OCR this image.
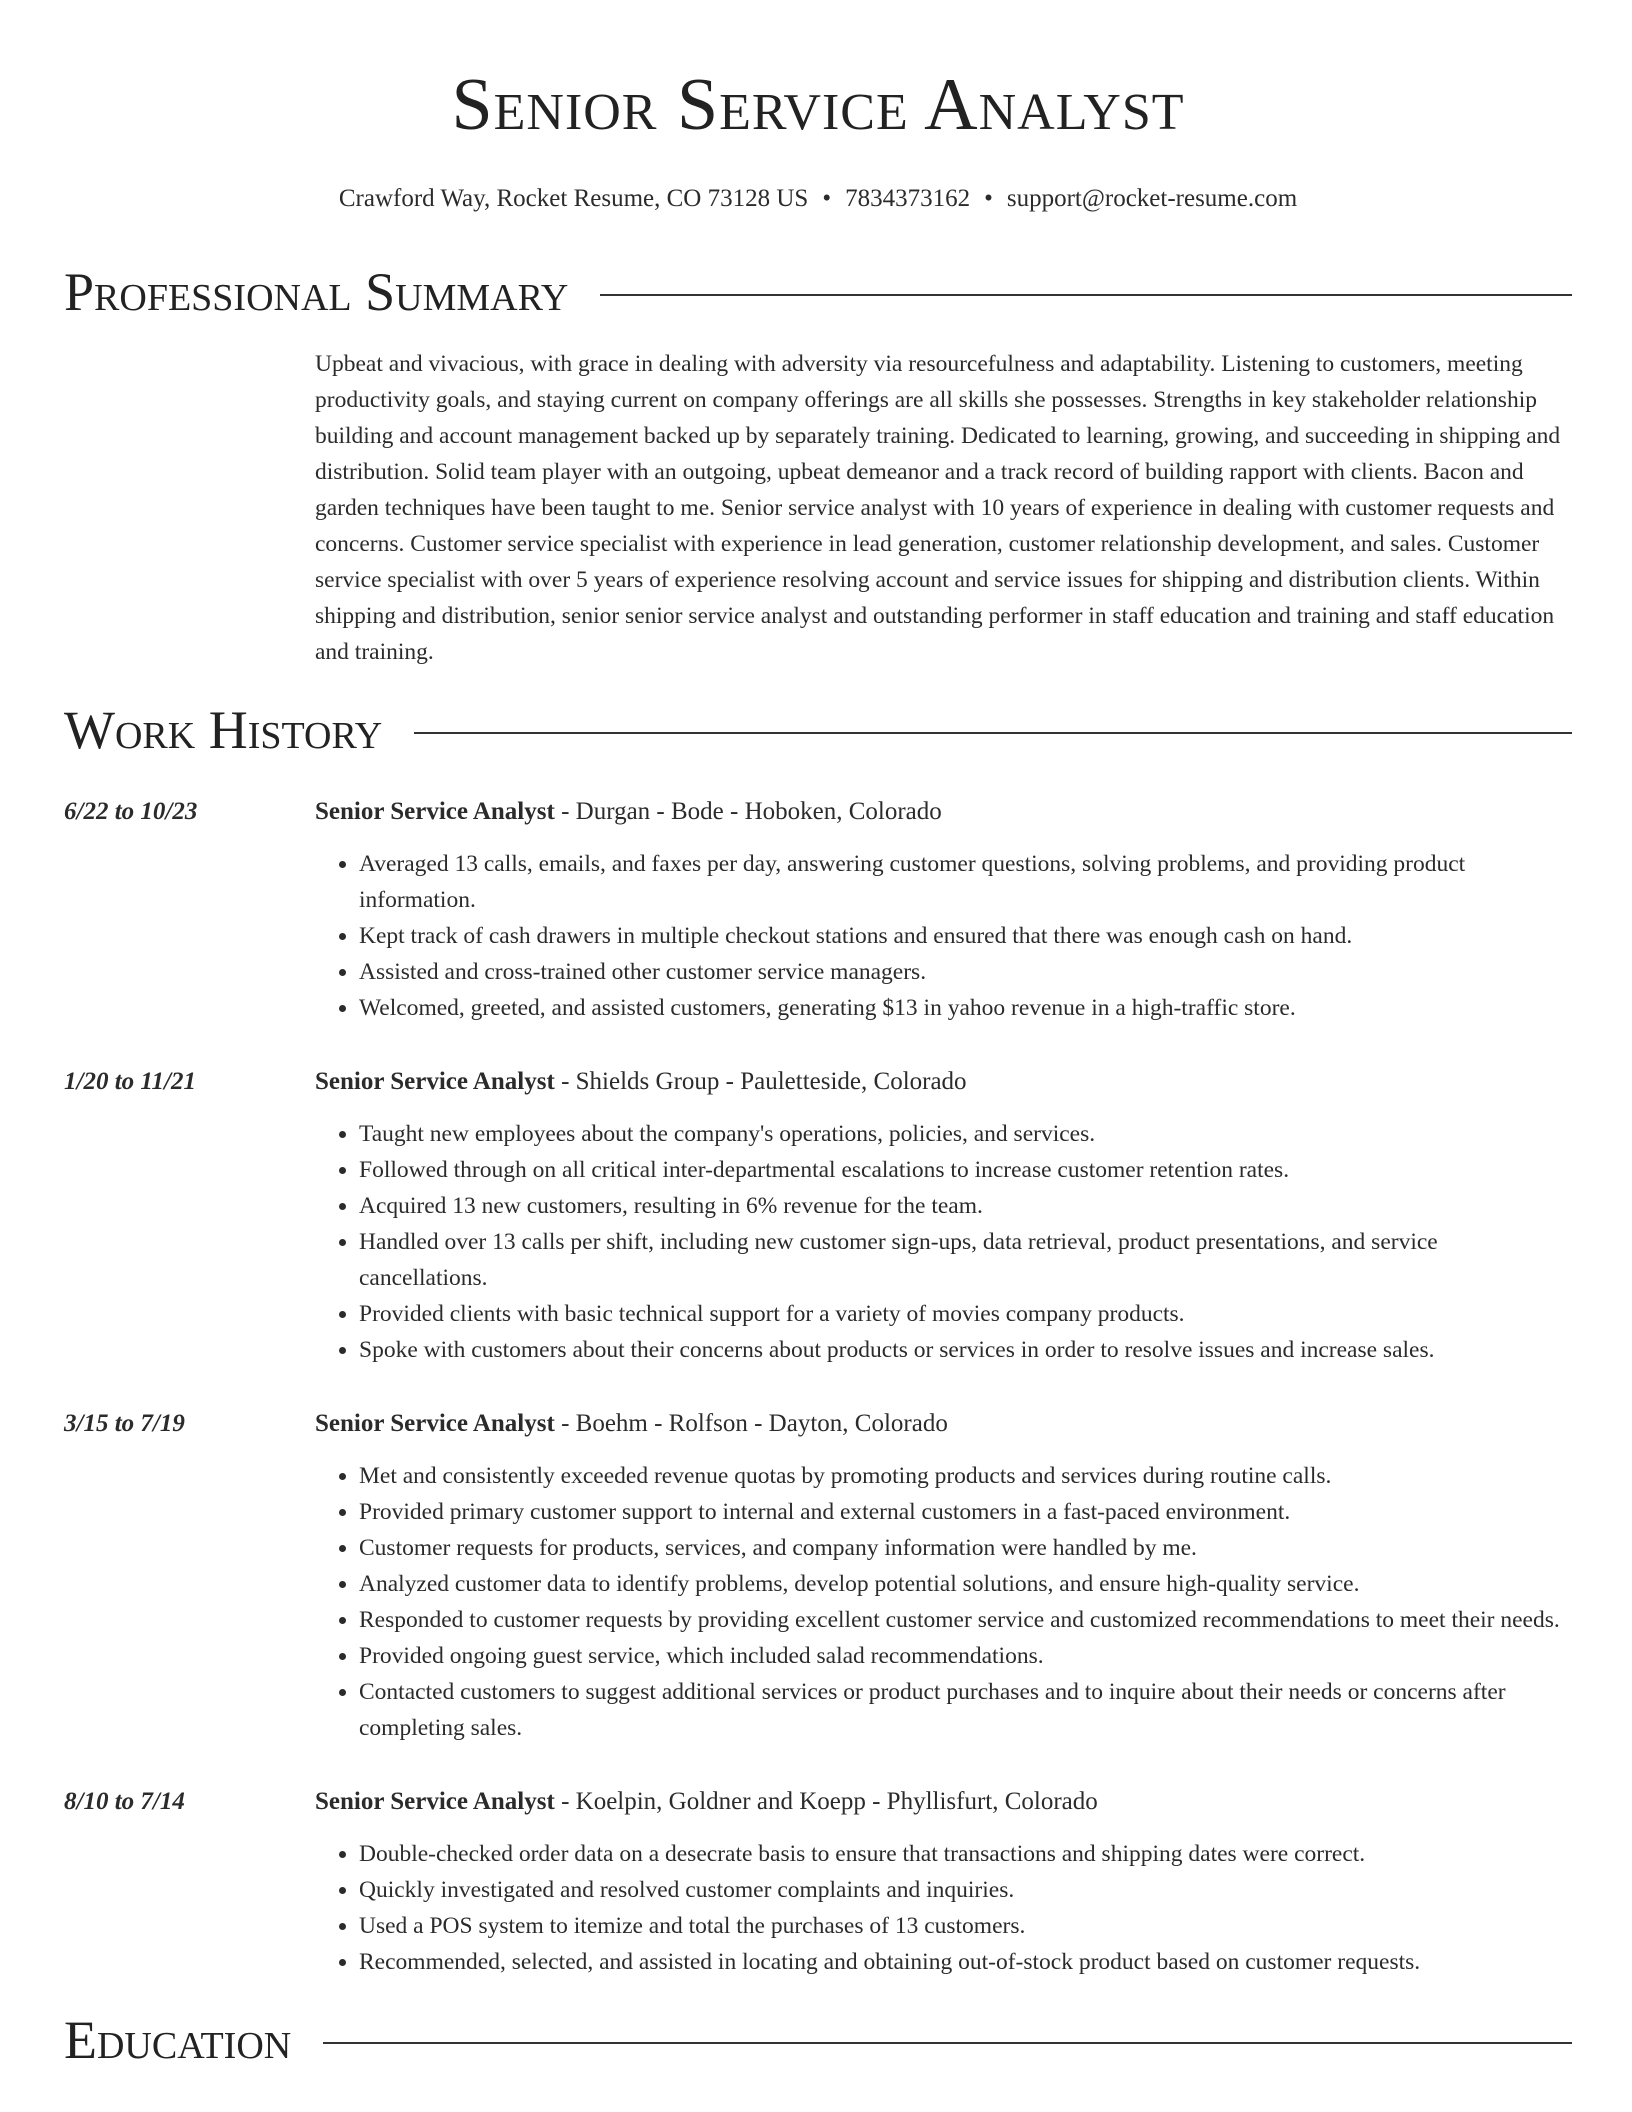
Senior Service Analyst
Crawford Way, Rocket Resume, CO 73128 US • 7834373162 • support@rocket-resume.com
Professional Summary

Upbeat and vivacious, with grace in dealing with adversity via resourcefulness and adaptability. Listening to customers, meeting productivity goals, and staying current on company offerings are all skills she possesses. Strengths in key stakeholder relationship building and account management backed up by separately training. Dedicated to learning, growing, and succeeding in shipping and distribution. Solid team player with an outgoing, upbeat demeanor and a track record of building rapport with clients. Bacon and garden techniques have been taught to me. Senior service analyst with 10 years of experience in dealing with customer requests and concerns. Customer service specialist with experience in lead generation, customer relationship development, and sales. Customer service specialist with over 5 years of experience resolving account and service issues for shipping and distribution clients. Within shipping and distribution, senior senior service analyst and outstanding performer in staff education and training and staff education and training.

Work History
6/22 to 10/23	Senior Service Analyst - Durgan - Bode - Hoboken, Colorado
• Averaged 13 calls, emails, and faxes per day, answering customer questions, solving problems, and providing product information.
• Kept track of cash drawers in multiple checkout stations and ensured that there was enough cash on hand.
• Assisted and cross-trained other customer service managers.
• Welcomed, greeted, and assisted customers, generating $13 in yahoo revenue in a high-traffic store.
1/20 to 11/21	Senior Service Analyst - Shields Group - Pauletteside, Colorado
• Taught new employees about the company's operations, policies, and services.
• Followed through on all critical inter-departmental escalations to increase customer retention rates.
• Acquired 13 new customers, resulting in 6% revenue for the team.
• Handled over 13 calls per shift, including new customer sign-ups, data retrieval, product presentations, and service cancellations.
• Provided clients with basic technical support for a variety of movies company products.
• Spoke with customers about their concerns about products or services in order to resolve issues and increase sales.
3/15 to 7/19	Senior Service Analyst - Boehm - Rolfson - Dayton, Colorado
• Met and consistently exceeded revenue quotas by promoting products and services during routine calls.
• Provided primary customer support to internal and external customers in a fast-paced environment.
• Customer requests for products, services, and company information were handled by me.
• Analyzed customer data to identify problems, develop potential solutions, and ensure high-quality service.
• Responded to customer requests by providing excellent customer service and customized recommendations to meet their needs.
• Provided ongoing guest service, which included salad recommendations.
• Contacted customers to suggest additional services or product purchases and to inquire about their needs or concerns after completing sales.
8/10 to 7/14	Senior Service Analyst - Koelpin, Goldner and Koepp - Phyllisfurt, Colorado
• Double-checked order data on a desecrate basis to ensure that transactions and shipping dates were correct.
• Quickly investigated and resolved customer complaints and inquiries.
• Used a POS system to itemize and total the purchases of 13 customers.
• Recommended, selected, and assisted in locating and obtaining out-of-stock product based on customer requests.
Education
